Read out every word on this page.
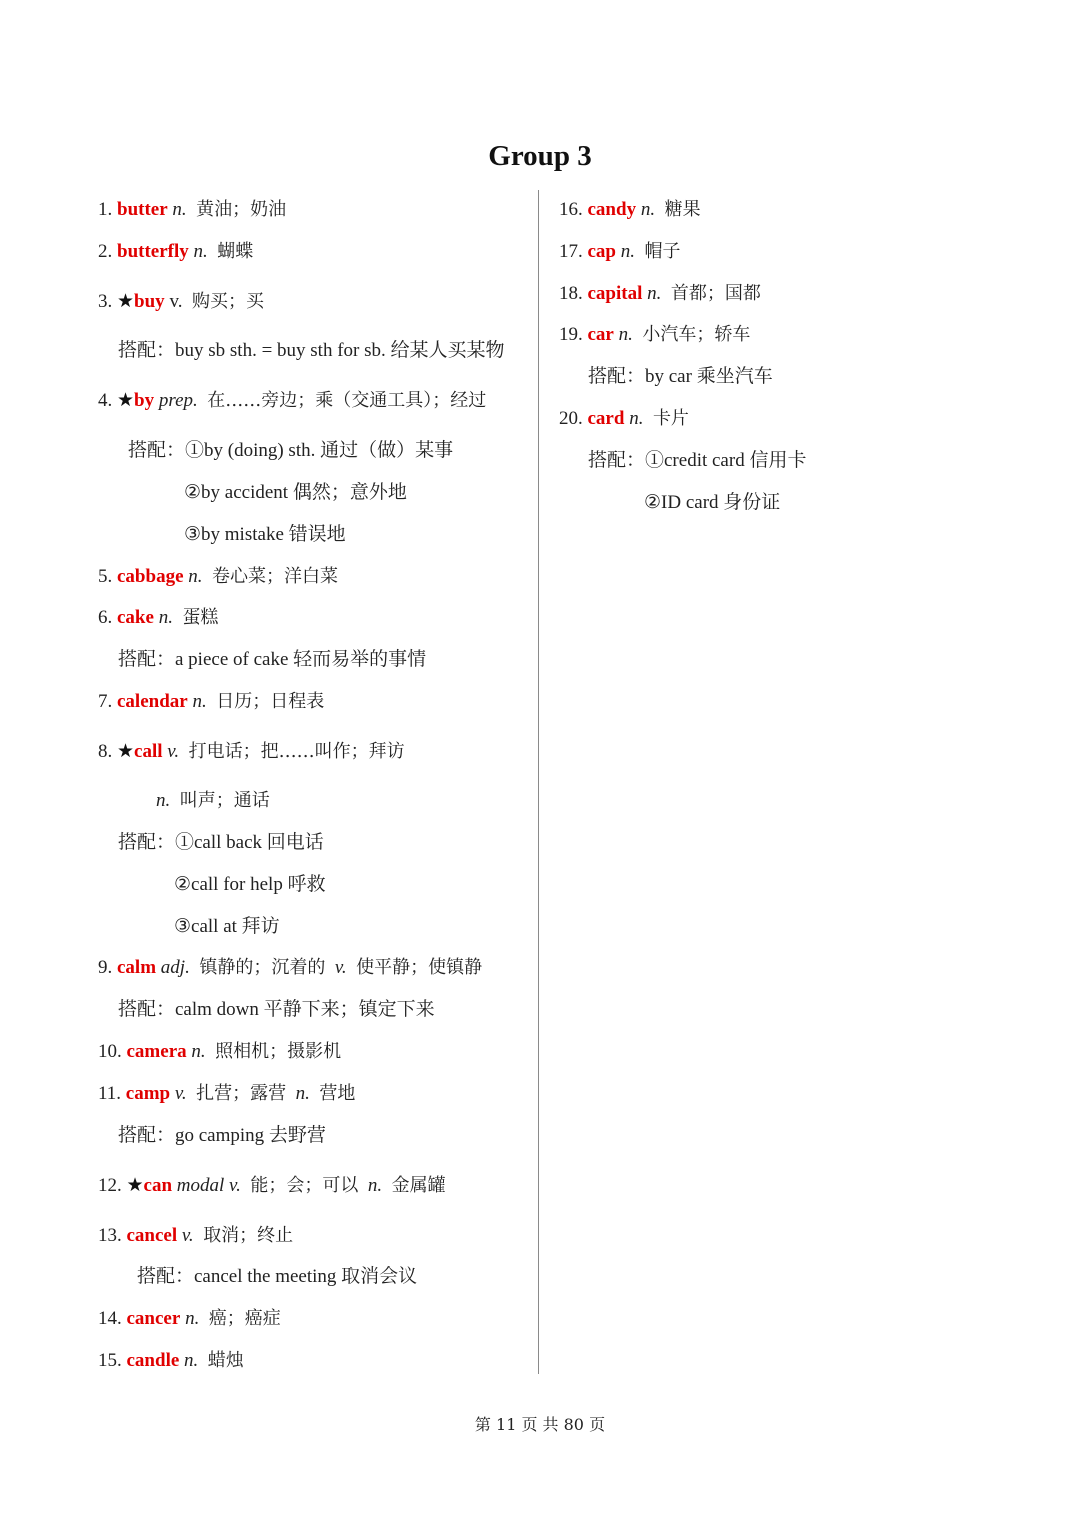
Group 3
1. butter n. 黄油；奶油
2. butterfly n. 蝴蝶
3. ★buy v. 购买；买
搭配：buy sb sth. = buy sth for sb. 给某人买某物
4. ★by prep. 在……旁边；乘（交通工具）；经过
搭配：①by (doing) sth. 通过（做）某事
②by accident 偶然；意外地
③by mistake 错误地
5. cabbage n. 卷心菜；洋白菜
6. cake n. 蛋糕
搭配：a piece of cake 轻而易举的事情
7. calendar n. 日历；日程表
8. ★call v. 打电话；把……叫作；拜访
n. 叫声；通话
搭配：①call back 回电话
②call for help 呼救
③call at 拜访
9. calm adj. 镇静的；沉着的 v. 使平静；使镇静
搭配：calm down 平静下来；镇定下来
10. camera n. 照相机；摄影机
11. camp v. 扎营；露营 n. 营地
搭配：go camping 去野营
12. ★can modal v. 能；会；可以 n. 金属罐
13. cancel v. 取消；终止
搭配：cancel the meeting 取消会议
14. cancer n. 癌；癌症
15. candle n. 蜡烛
16. candy n. 糖果
17. cap n. 帽子
18. capital n. 首都；国都
19. car n. 小汽车；轿车
搭配：by car 乘坐汽车
20. card n. 卡片
搭配：①credit card 信用卡
②ID card 身份证
第 11 页 共 80 页
